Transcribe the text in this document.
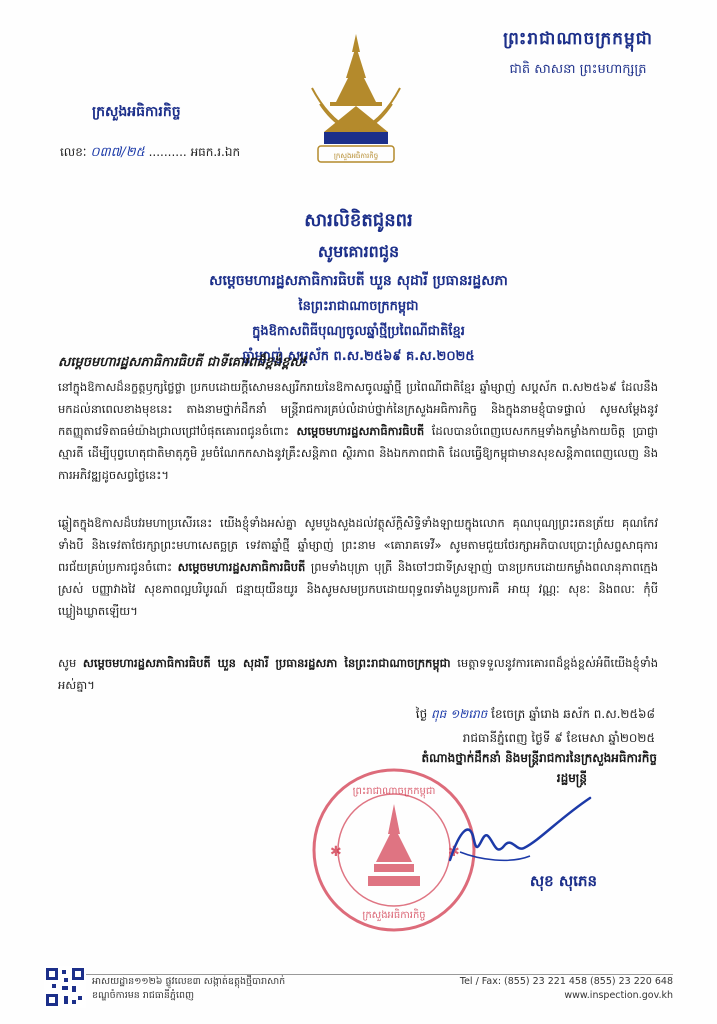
ព្រះរាជាណាចក្រកម្ពុជា
ជាតិ សាសនា ព្រះមហាក្សត្រ
ក្រសួងអធិការកិច្ច
ក្រសួងអធិការកិច្ច
លេខៈ ០៣៧/២៥ .......... អធក.រ.ឯក
សារលិខិតជូនពរ
សូមគោរពជូន
សម្ដេចមហារដ្ឋសភាធិការធិបតី ឃួន សុដារី ប្រធានរដ្ឋសភា
នៃព្រះរាជាណាចក្រកម្ពុជា
ក្នុងឱកាសពិធីបុណ្យចូលឆ្នាំថ្មីប្រពៃណីជាតិខ្មែរ
ឆ្នាំម្សាញ់ សប្តស័ក ព.ស.២៥៦៩ គ.ស.២០២៥
សម្ដេចមហារដ្ឋសភាធិការធិបតី ជាទីគោរពដ៏ខ្ពង់ខ្ពស់!
នៅក្នុងឱកាសដ៏នក្ខត្តឫក្សថ្លៃថ្លា ប្រកបដោយក្ដីសោមនស្សរីករាយនៃឱកាសចូលឆ្នាំថ្មី ប្រពៃណីជាតិខ្មែរ ឆ្នាំម្សាញ់ សប្តស័ក ព.ស២៥៦៩ ដែលនឹងមកដល់នាពេលខាងមុខនេះ តាងនាមថ្នាក់ដឹកនាំ មន្ត្រីរាជការគ្រប់លំដាប់ថ្នាក់នៃក្រសួងអធិការកិច្ច និងក្នុងនាមខ្ញុំបាទផ្ទាល់ សូមសម្ដែងនូវកតញ្ញុតាវេទិតាធម៌យ៉ាងជ្រាលជ្រៅបំផុតគោរពជូនចំពោះ សម្ដេចមហារដ្ឋសភាធិការធិបតី ដែលបានបំពេញបេសកកម្មទាំងកម្លាំងកាយចិត្ត ប្រាជ្ញា ស្មារតី ដើម្បីបុព្វហេតុជាតិមាតុភូមិ រួមចំណែកកសាងនូវគ្រឹះសន្តិភាព ស្ថិរភាព និងឯកភាពជាតិ ដែលធ្វើឱ្យកម្ពុជាមានសុខសន្តិភាពពេញលេញ និងការអភិវឌ្ឍដូចសព្វថ្ងៃនេះ។
ឆ្លៀតក្នុងឱកាសដ៏បវរមហាប្រសើរនេះ យើងខ្ញុំទាំងអស់គ្នា សូមបួងសួងដល់វត្ថុស័ក្តិសិទ្ធិទាំងឡាយក្នុងលោក គុណបុណ្យព្រះរតនត្រ័យ គុណកែវទាំងបី និងទេវតាថែរក្សាព្រះមហាសេតច្ឆត្រ ទេវតាឆ្នាំថ្មី ឆ្នាំម្សាញ់ ព្រះនាម «គោរាគទេវី» សូមតាមជួយថែរក្សាអភិបាលប្រោះព្រំសព្ទសាធុការពរជ័យគ្រប់ប្រការជូនចំពោះ សម្ដេចមហារដ្ឋសភាធិការធិបតី ព្រមទាំងបុត្រា បុត្រី និងចៅៗជាទីស្រឡាញ់ បានប្រកបដោយកម្លាំងពលានុភាពក្មេងស្រស់ បញ្ញាវាងវៃ សុខភាពល្អបរិបូរណ៍ ជន្មាយុយឺនយូរ និងសូមសមប្រកបដោយពុទ្ធពរទាំងបួនប្រការគឺ អាយុ វណ្ណៈ សុខៈ និងពលៈ កុំបីឃ្លៀងឃ្លាតឡើយ។
សូម សម្ដេចមហារដ្ឋសភាធិការធិបតី ឃួន សុដារី ប្រធានរដ្ឋសភា នៃព្រះរាជាណាចក្រកម្ពុជា មេត្តាទទួលនូវការគោរពដ៏ខ្ពង់ខ្ពស់អំពីយើងខ្ញុំទាំងអស់គ្នា។
ថ្ងៃ ពុធ ១២រោច ខែចេត្រ ឆ្នាំរោង ឆស័ក ព.ស.២៥៦៨
រាជធានីភ្នំពេញ ថ្ងៃទី ៩ ខែមេសា ឆ្នាំ២០២៥
តំណាងថ្នាក់ដឹកនាំ និងមន្ត្រីរាជការនៃក្រសួងអធិការកិច្ច
រដ្ឋមន្ត្រី
ព្រះរាជាណាចក្រកម្ពុជា
ក្រសួងអធិការកិច្ច
✱	✱
សុខ សុភេន
អាសយដ្ឋាន១១២៦ ផ្លូវលេខ៣ សង្កាត់ឧត្តុងថ្មីបារាសាក់
ខណ្ឌចំការមន រាជធានីភ្នំពេញ
Tel / Fax: (855) 23 221 458 (855) 23 220 648
www.inspection.gov.kh
